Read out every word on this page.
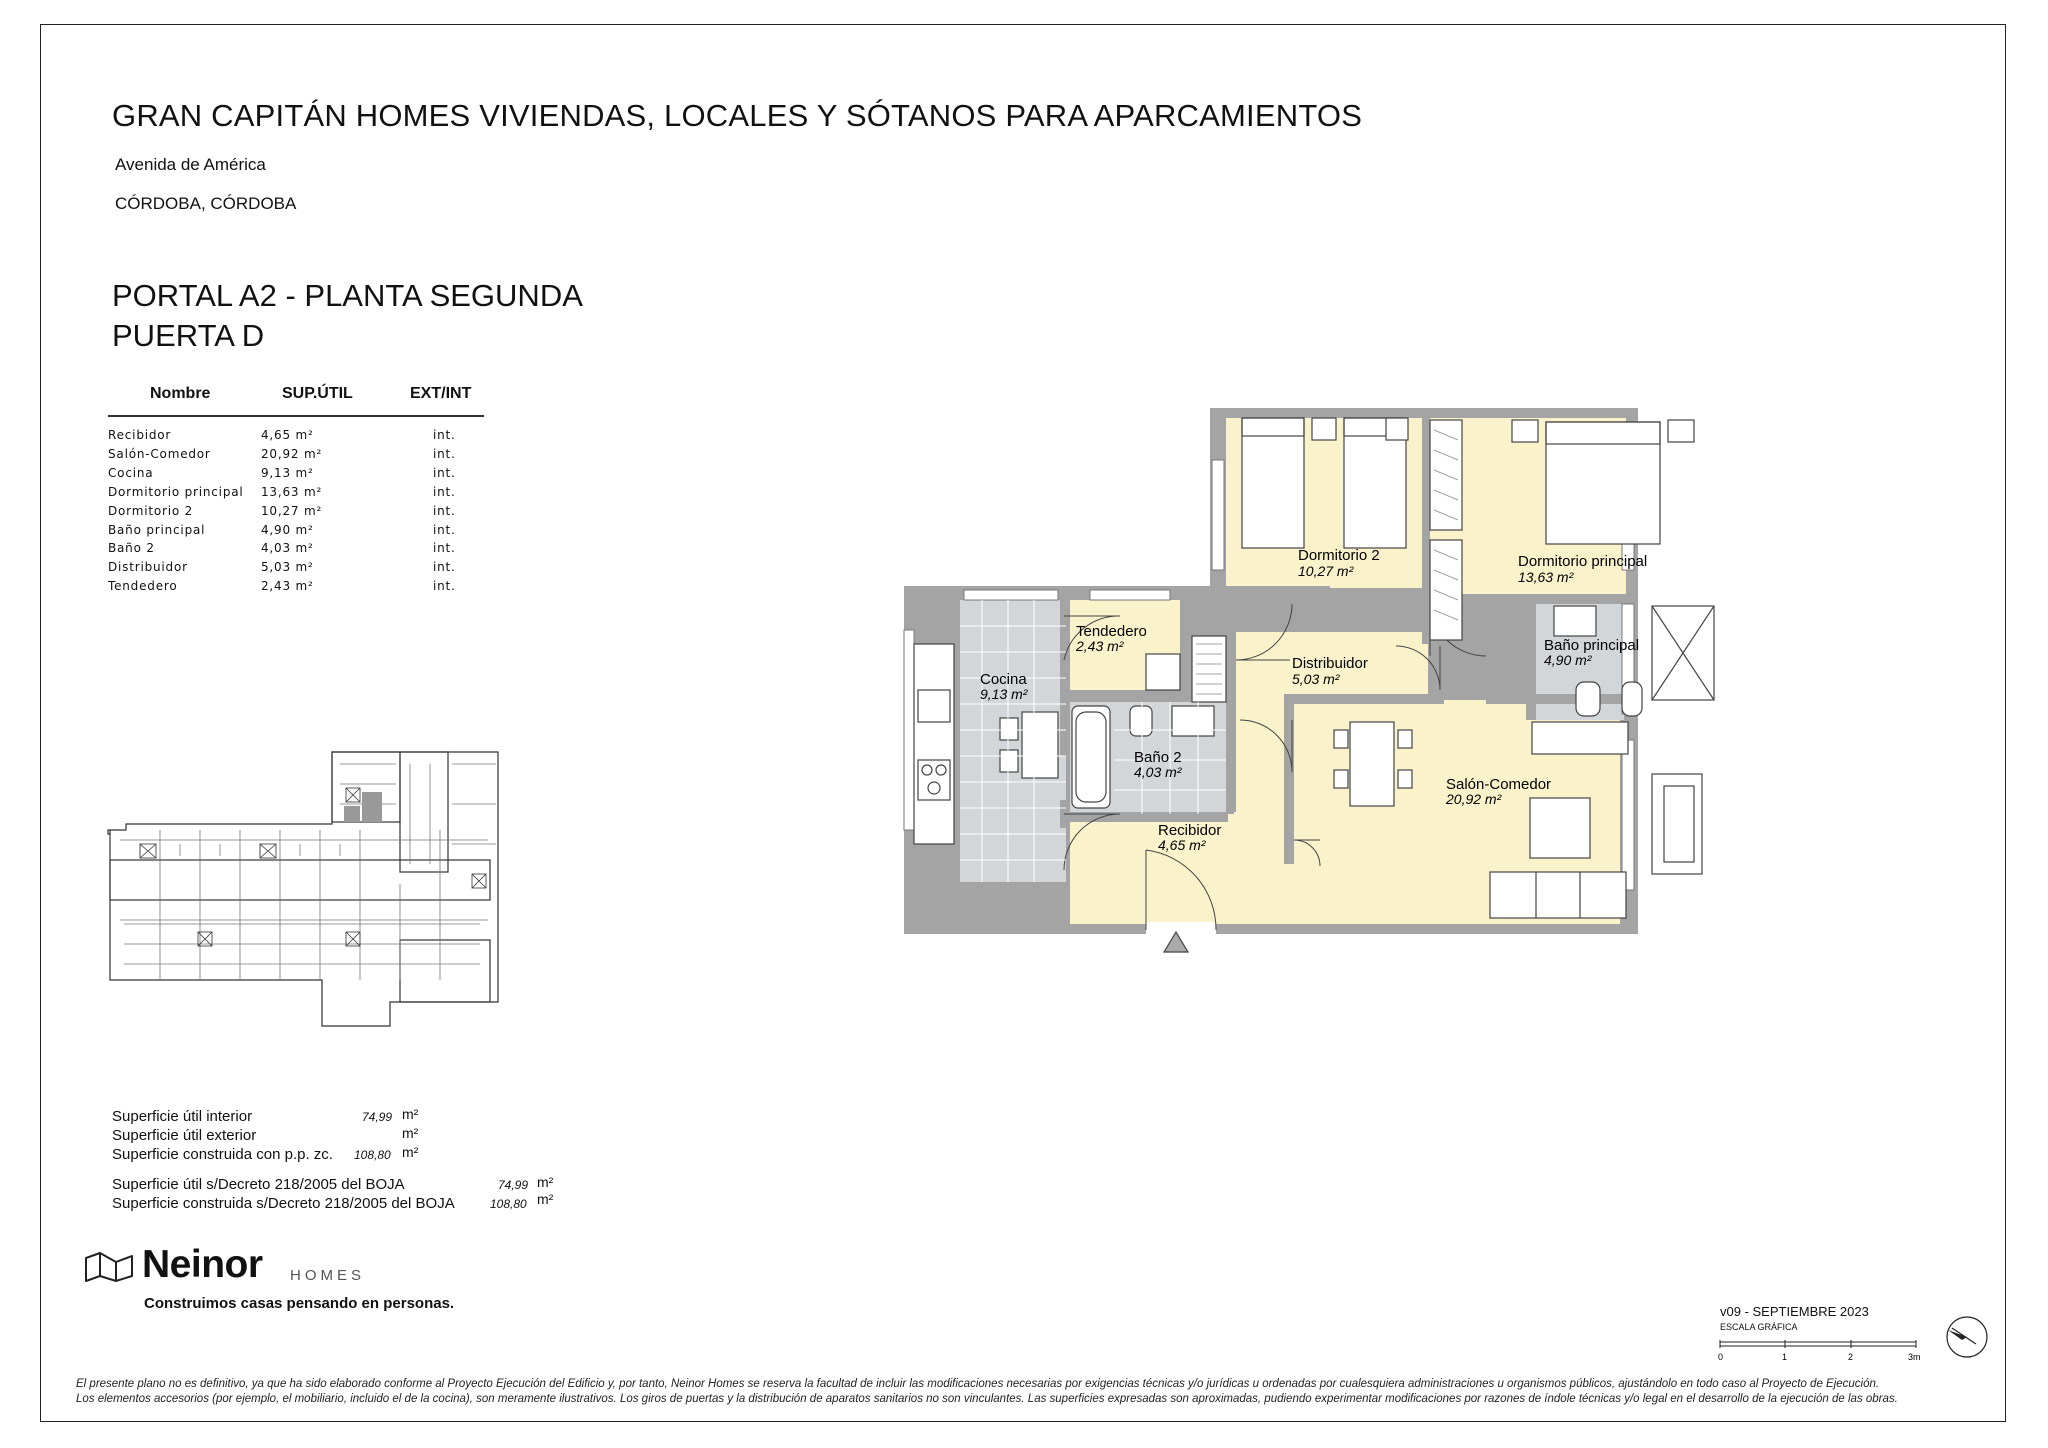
GRAN CAPITÁN HOMES VIVIENDAS, LOCALES Y SÓTANOS PARA APARCAMIENTOS
Avenida de América
CÓRDOBA, CÓRDOBA
PORTAL A2 - PLANTA SEGUNDA
PUERTA D
Nombre	SUP.ÚTIL	EXT/INT
Recibidor	4,65 m²	int.
Salón-Comedor	20,92 m²	int.
Cocina	9,13 m²	int.
Dormitorio principal 13,63 m²	int.
Dormitorio 2	10,27 m²	int.
Baño principal	4,90 m²	int.
Baño 2	4,03 m²	int.
Distribuidor	5,03 m²	int.
Tendedero	2,43 m²	int.
Superficie útil interior	74,99 m²
Superficie útil exterior	m²
Superficie construida con p.p. zc. 108,80 m²
Superficie útil s/Decreto 218/2005 del BOJA	74,99 m²
Superficie construida s/Decreto 218/2005 del BOJA	108,80 m²
Neinor HOMES
Construimos casas pensando en personas.
Dormitorio 2
10,27 m²
Dormitorio principal
13,63 m²
Tendedero
2,43 m²
Cocina
9,13 m²
Distribuidor
5,03 m²
Baño principal
4,90 m²
Baño 2
4,03 m²
Salón-Comedor
20,92 m²
Recibidor
4,65 m²
v09 - SEPTIEMBRE 2023
ESCALA GRÁFICA
0	1	2	3m
El presente plano no es definitivo, ya que ha sido elaborado conforme al Proyecto Ejecución del Edificio y, por tanto, Neinor Homes se reserva la facultad de incluir las modificaciones necesarias por exigencias técnicas y/o jurídicas u ordenadas por cualesquiera administraciones u organismos públicos, ajustándolo en todo caso al Proyecto de Ejecución.
Los elementos accesorios (por ejemplo, el mobiliario, incluido el de la cocina), son meramente ilustrativos. Los giros de puertas y la distribución de aparatos sanitarios no son vinculantes. Las superficies expresadas son aproximadas, pudiendo experimentar modificaciones por razones de índole técnicas y/o legal en el desarrollo de la ejecución de las obras.
